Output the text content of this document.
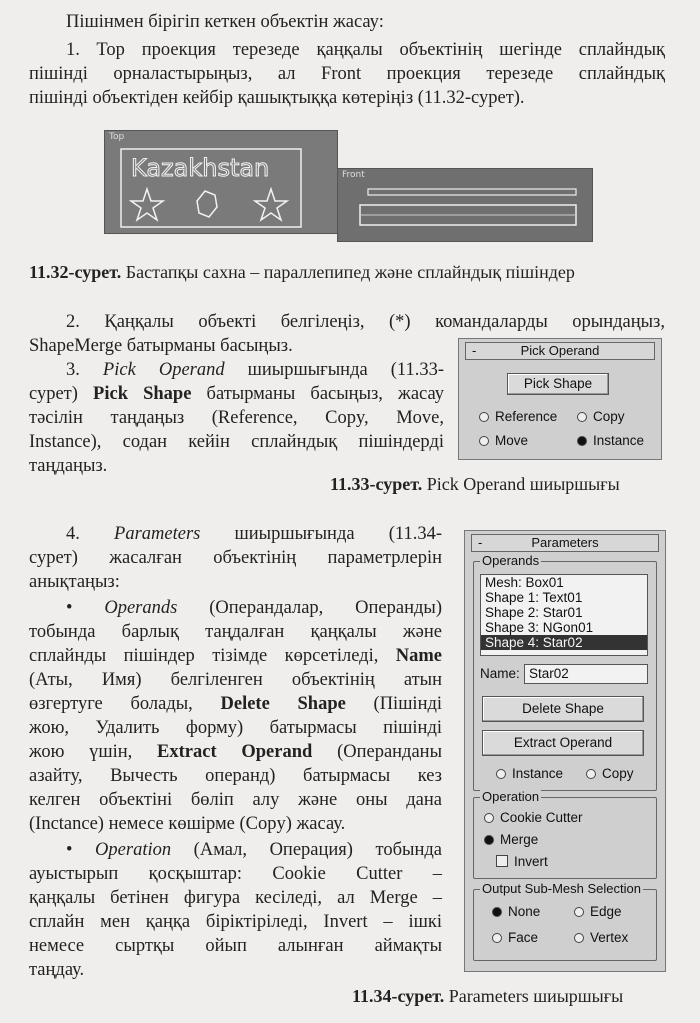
Пішінмен бірігіп кеткен объектін жасау:

1. Top проекция терезеде қаңқалы объектінің шегінде сплайндық

пішінді орналастырыңыз, ал Front проекция терезеде сплайндық

пішінді объектіден кейбір қашықтыққа көтеріңіз (11.32-сурет).

Top
Kazakhstan	Front
11.32-сурет. Бастапқы сахна – параллепипед және сплайндық пішіндер

2. Қаңқалы объекті белгілеңіз, (*) командаларды орындаңыз,

ShapeMerge батырманы басыңыз.

3. Pick Operand шиыршығында (11.33-

сурет) Pick Shape батырманы басыңыз, жасау

тәсілін таңдаңыз (Reference, Copy, Move,

Instance), содан кейін сплайндық пішіндерді

таңдаңыз.

-	Pick Operand
Pick Shape
Reference	Copy
Move	Instance
11.33-сурет. Pick Operand шиыршығы

4. Parameters шиыршығында (11.34-

сурет) жасалған объектінің параметрлерін

анықтаңыз:

• Operands (Операндалар, Операнды)

тобында барлық таңдалған қаңқалы және

сплайнды пішіндер тізімде көрсетіледі, Name

(Аты, Имя) белгіленген объектінің атын

өзгертуге болады, Delete Shape (Пішінді

жою, Удалить форму) батырмасы пішінді

жою үшін, Extract Operand (Операнданы

азайту, Вычесть операнд) батырмасы кез

келген объектіні бөліп алу және оны дана

(Inctance) немесе көшірме (Copy) жасау.

• Operation (Амал, Операция) тобында

ауыстырып қосқыштар: Cookie Cutter –

қаңқалы бетінен фигура кесіледі, ал Merge –

сплайн мен қаңқа біріктіріледі, Invert – ішкі

немесе сыртқы ойып алынған аймақты

таңдау.

-	Parameters
Operands
Mesh: Box01
Shape 1: Text01
Shape 2: Star01
Shape 3: NGon01
Shape 4: Star02
Name: Star02
Delete Shape
Extract Operand
Instance	Copy
Operation
Cookie Cutter
Merge
Invert
Output Sub-Mesh Selection
None	Edge
Face	Vertex
11.34-сурет. Parameters шиыршығы
